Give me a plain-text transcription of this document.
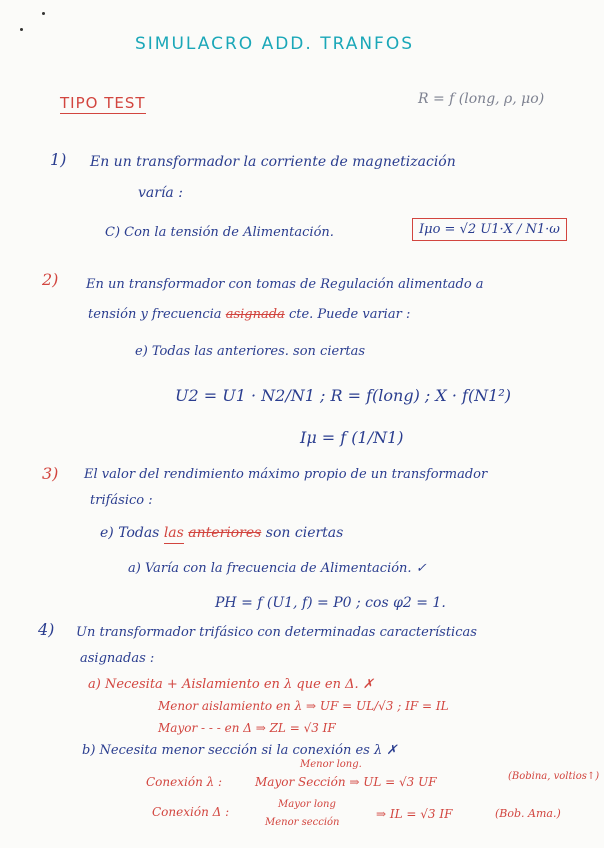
SIMULACRO ADD. TRANFOS
TIPO TEST	R = f (long, ρ, μo)
1) En un transformador la corriente de magnetización
varía :
C) Con la tensión de Alimentación.	Iμo = √2 U1·X / N1·ω
2) En un transformador con tomas de Regulación alimentado a
tensión y frecuencia asignada cte. Puede variar :
e) Todas las anteriores. son ciertas
U2 = U1 · N2/N1 ; R = f(long) ; X · f(N1²)
Iμ = f (1/N1)
3) El valor del rendimiento máximo propio de un transformador
trifásico :
e) Todas las anteriores son ciertas
a) Varía con la frecuencia de Alimentación. ✓
PH = f (U1, f) = P0 ; cos φ2 = 1.
4) Un transformador trifásico con determinadas características
asignadas :
a) Necesita + Aislamiento en λ que en Δ. ✗
Menor aislamiento en λ ⇒ UF = UL/√3 ; IF = IL
Mayor - - - en Δ ⇒ ZL = √3 IF
b) Necesita menor sección si la conexión es λ ✗
Menor long.
Conexión λ :	Mayor Sección ⇒ UL = √3 UF	(Bobina, voltios↑)
Conexión Δ :
Mayor long
Menor sección
⇒ IL = √3 IF	(Bob. Ama.)
